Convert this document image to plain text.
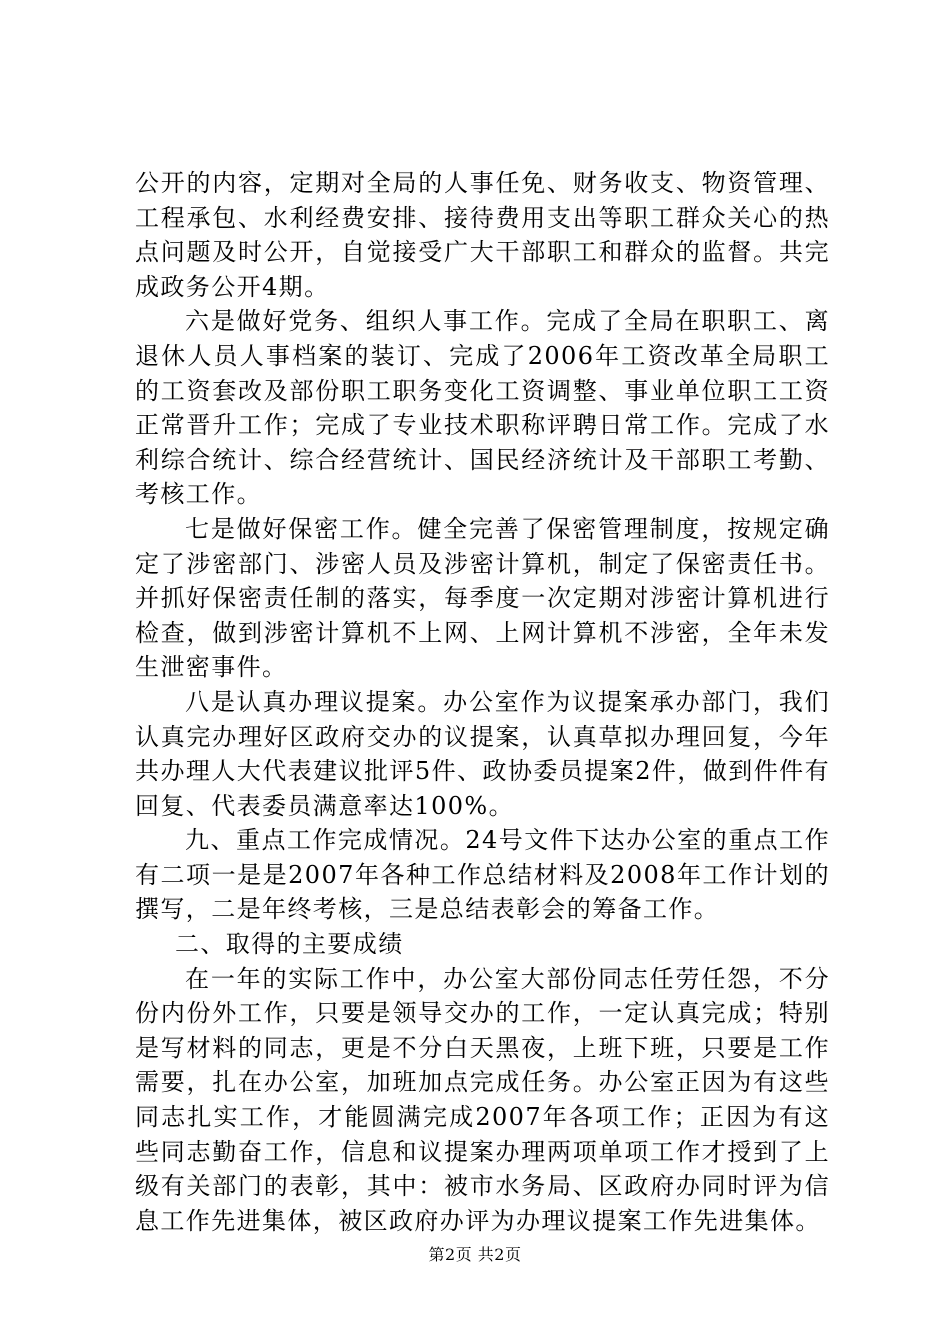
公开的内容，定期对全局的人事任免、财务收支、物资管理、工程承包、水利经费安排、接待费用支出等职工群众关心的热点问题及时公开，自觉接受广大干部职工和群众的监督。共完成政务公开4期。

六是做好党务、组织人事工作。完成了全局在职职工、离退休人员人事档案的装订、完成了2006年工资改革全局职工的工资套改及部份职工职务变化工资调整、事业单位职工工资正常晋升工作；完成了专业技术职称评聘日常工作。完成了水利综合统计、综合经营统计、国民经济统计及干部职工考勤、考核工作。

七是做好保密工作。健全完善了保密管理制度，按规定确定了涉密部门、涉密人员及涉密计算机，制定了保密责任书。并抓好保密责任制的落实，每季度一次定期对涉密计算机进行检查，做到涉密计算机不上网、上网计算机不涉密，全年未发生泄密事件。

八是认真办理议提案。办公室作为议提案承办部门，我们认真完办理好区政府交办的议提案，认真草拟办理回复，今年共办理人大代表建议批评5件、政协委员提案2件，做到件件有回复、代表委员满意率达100%。

九、重点工作完成情况。24号文件下达办公室的重点工作有二项一是是2007年各种工作总结材料及2008年工作计划的撰写，二是年终考核，三是总结表彰会的筹备工作。

二、取得的主要成绩

在一年的实际工作中，办公室大部份同志任劳任怨，不分份内份外工作，只要是领导交办的工作，一定认真完成；特别是写材料的同志，更是不分白天黑夜，上班下班，只要是工作需要，扎在办公室，加班加点完成任务。办公室正因为有这些同志扎实工作，才能圆满完成2007年各项工作；正因为有这些同志勤奋工作，信息和议提案办理两项单项工作才授到了上级有关部门的表彰，其中：被市水务局、区政府办同时评为信息工作先进集体，被区政府办评为办理议提案工作先进集体。

第2页 共2页
